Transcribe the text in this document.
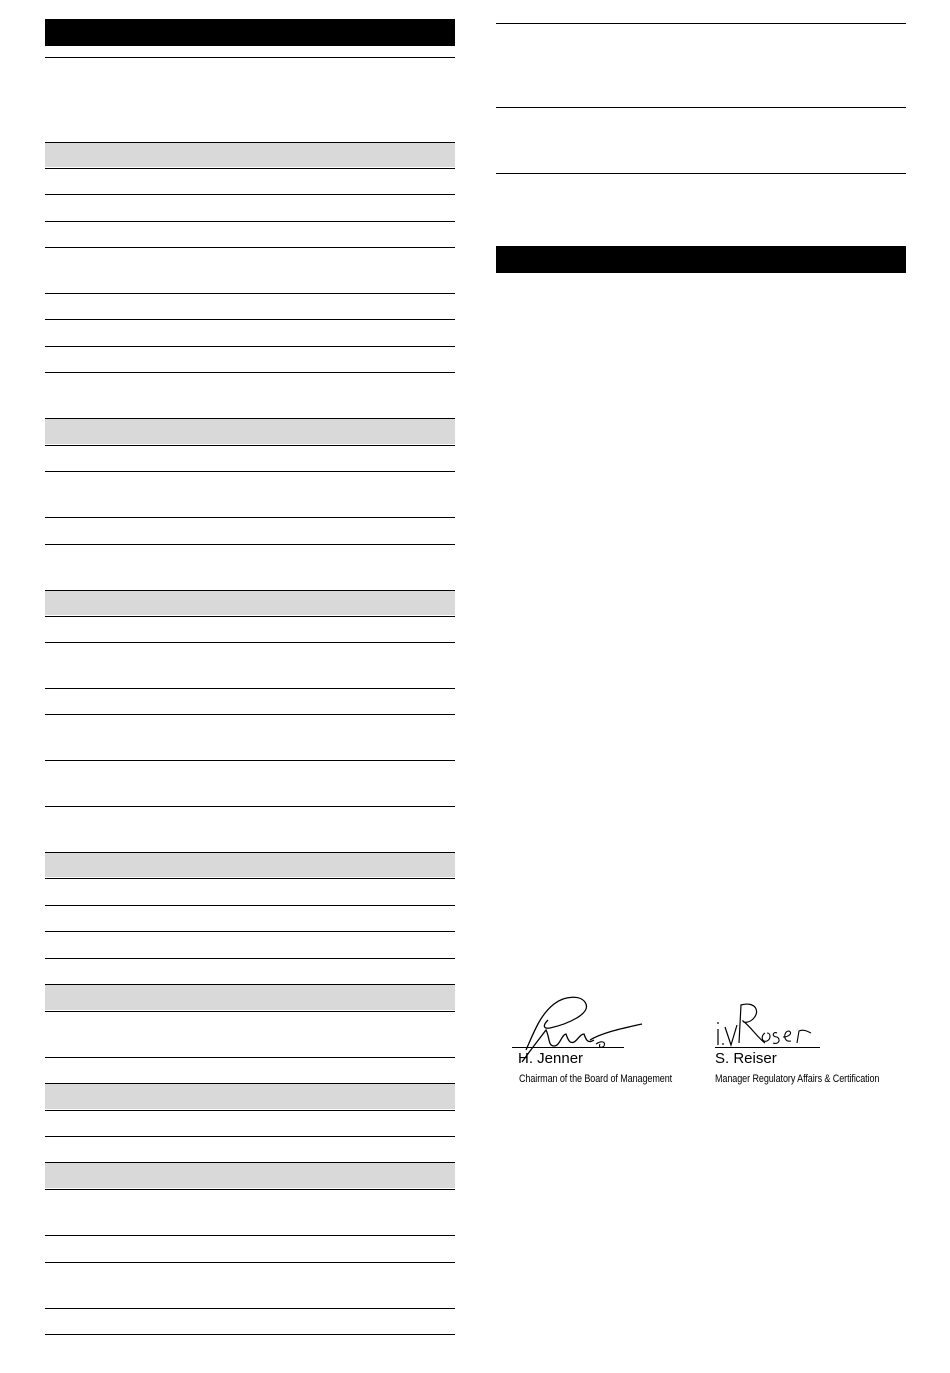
H. Jenner
Chairman of the Board of Management
S. Reiser
Manager Regulatory Affairs & Certification
